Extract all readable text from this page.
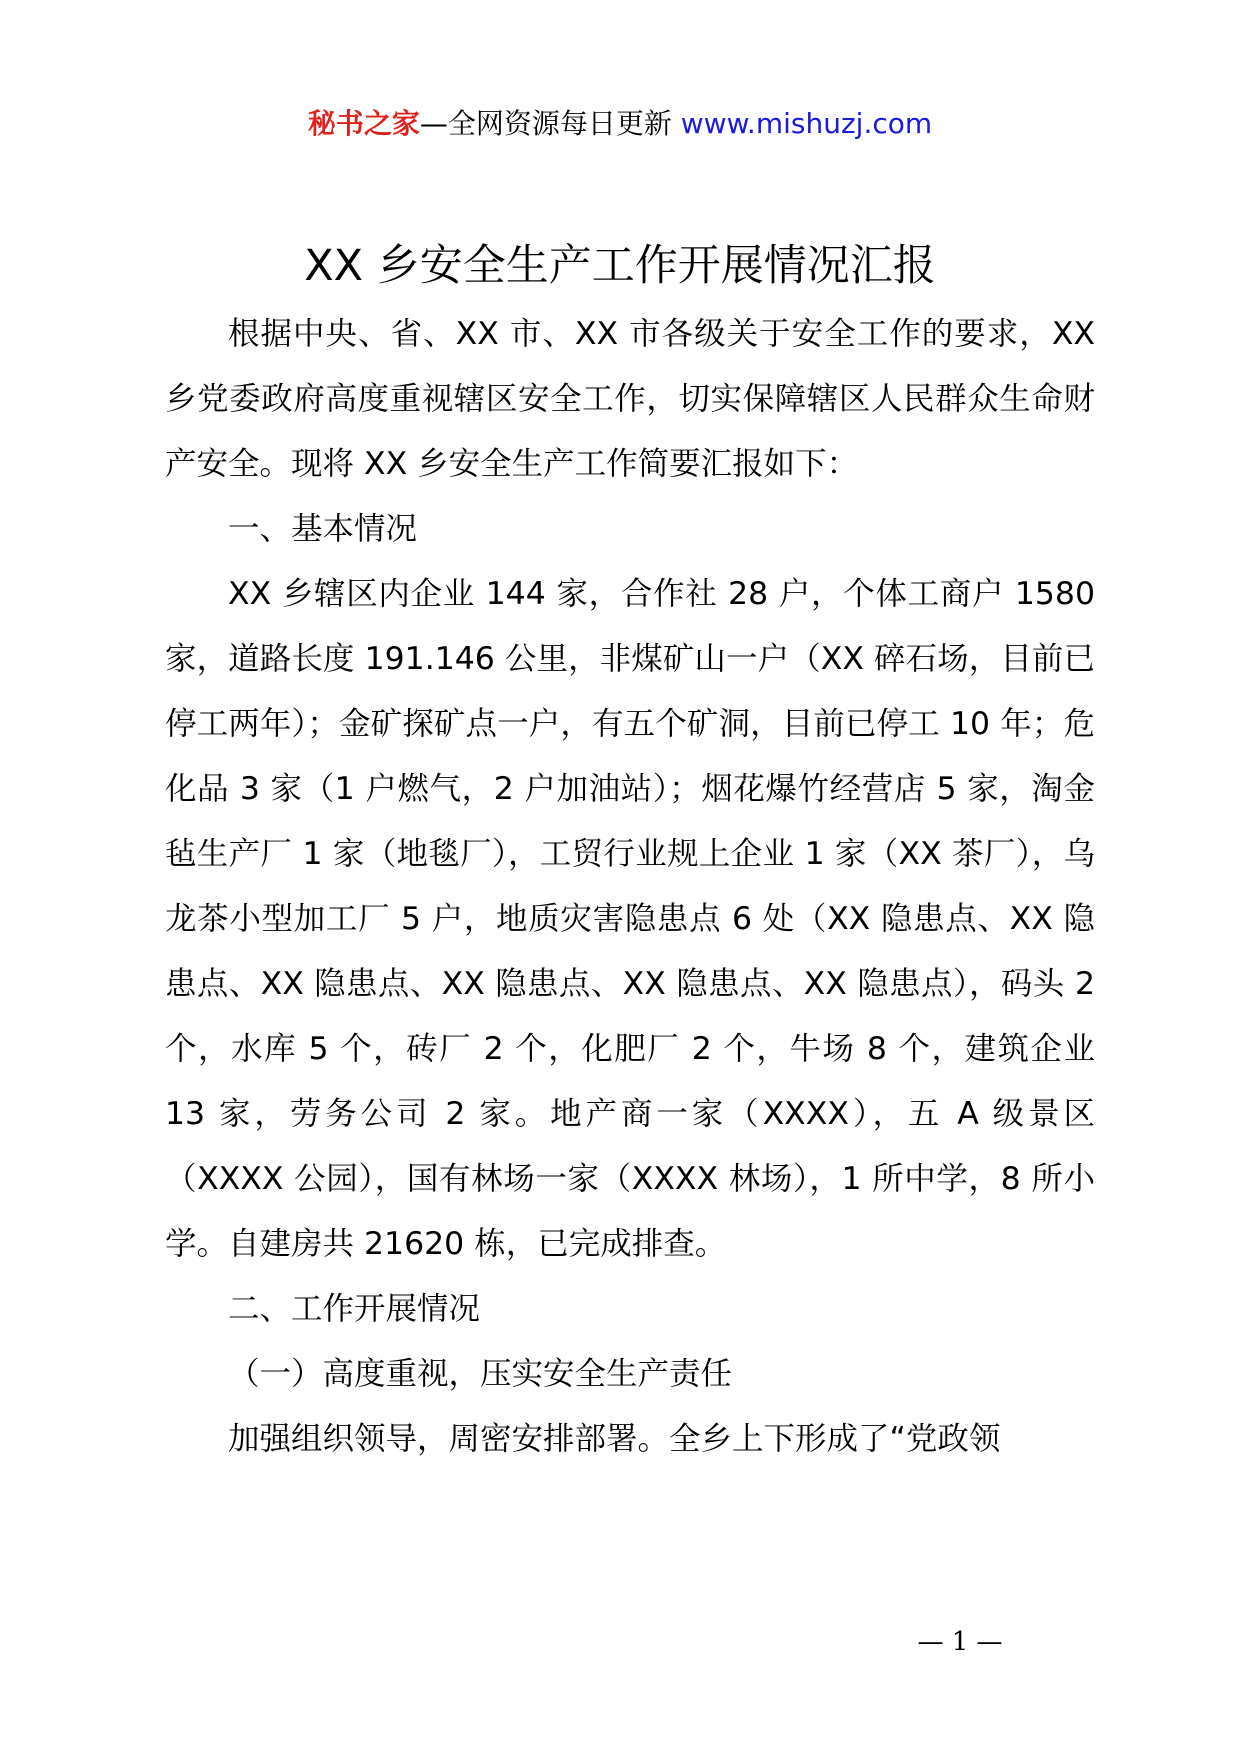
秘书之家—全网资源每日更新 www.mishuzj.com
XX 乡安全生产工作开展情况汇报

根据中央、省、XX 市、XX 市各级关于安全工作的要求，XX 乡党委政府高度重视辖区安全工作，切实保障辖区人民群众生命财产安全。现将 XX 乡安全生产工作简要汇报如下：

一、基本情况

XX 乡辖区内企业 144 家，合作社 28 户，个体工商户 1580 家，道路长度 191.146 公里，非煤矿山一户（XX 碎石场，目前已停工两年）；金矿探矿点一户，有五个矿洞，目前已停工 10 年；危化品 3 家（1 户燃气，2 户加油站）；烟花爆竹经营店 5 家，淘金毡生产厂 1 家（地毯厂），工贸行业规上企业 1 家（XX 茶厂），乌龙茶小型加工厂 5 户，地质灾害隐患点 6 处（XX 隐患点、XX 隐患点、XX 隐患点、XX 隐患点、XX 隐患点、XX 隐患点），码头 2 个，水库 5 个，砖厂 2 个，化肥厂 2 个，牛场 8 个，建筑企业 13 家，劳务公司 2 家。地产商一家（XXXX），五 A 级景区（XXXX 公园），国有林场一家（XXXX 林场），1 所中学，8 所小学。自建房共 21620 栋，已完成排查。

二、工作开展情况

（一）高度重视，压实安全生产责任

加强组织领导，周密安排部署。全乡上下形成了“党政领

— 1 —
